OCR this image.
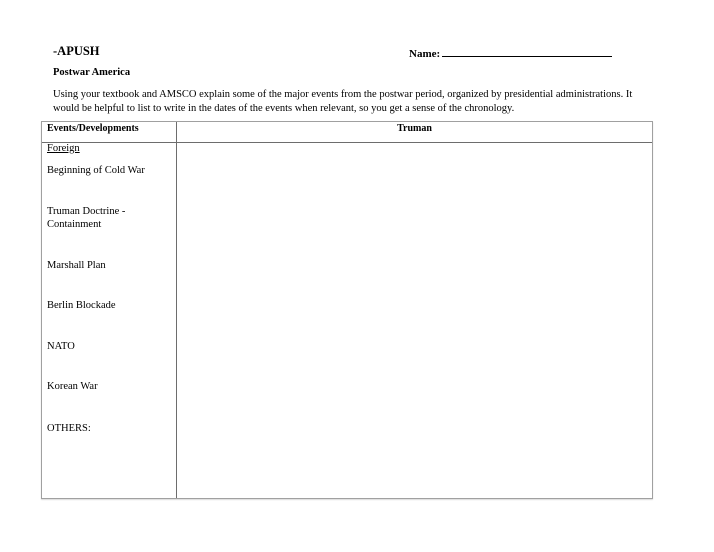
-APUSH	Name:
Postwar America
Using your textbook and AMSCO explain some of the major events from the postwar period, organized by presidential administrations. It would be helpful to list to write in the dates of the events when relevant, so you get a sense of the chronology.
Events/Developments	Truman
Foreign
Beginning of Cold War
Truman Doctrine - Containment
Marshall Plan
Berlin Blockade
NATO
Korean War
OTHERS:
